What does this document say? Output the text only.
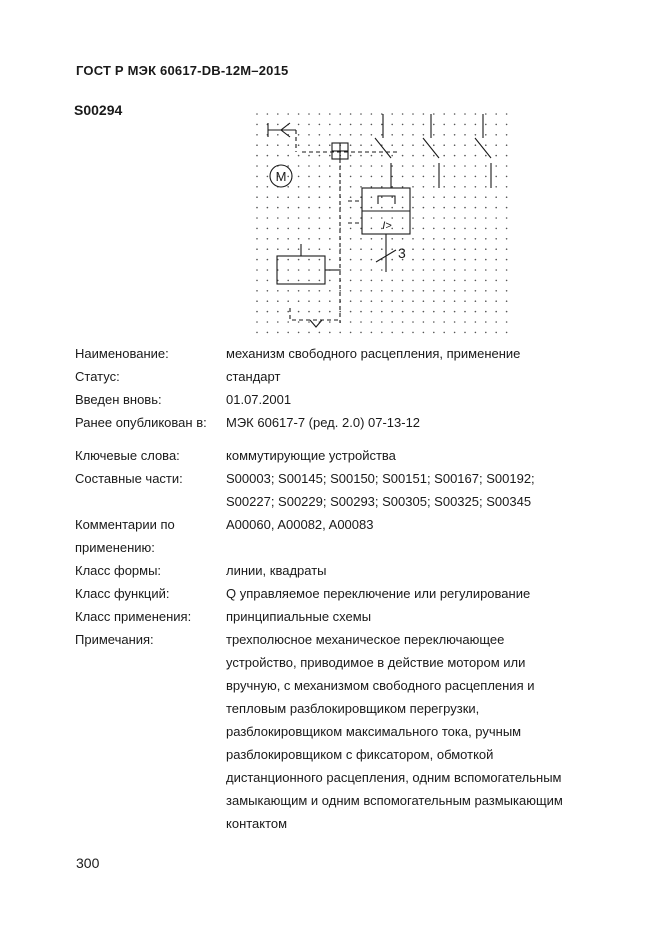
ГОСТ Р МЭК 60617-DB-12M–2015
S00294
M
I>
3
Наименование:	механизм свободного расцепления, применение
Статус:	стандарт
Введен вновь:	01.07.2001
Ранее опубликован в:	МЭК 60617-7 (ред. 2.0) 07-13-12
Ключевые слова:	коммутирующие устройства
Составные части:	S00003; S00145; S00150; S00151; S00167; S00192;
S00227; S00229; S00293; S00305; S00325; S00345
Комментарии по	A00060, A00082, A00083
применению:
Класс формы:	линии, квадраты
Класс функций:	Q управляемое переключение или регулирование
Класс применения:	принципиальные схемы
Примечания:	трехполюсное механическое переключающее
устройство, приводимое в действие мотором или
вручную, с механизмом свободного расцепления и
тепловым разблокировщиком перегрузки,
разблокировщиком максимального тока, ручным
разблокировщиком с фиксатором, обмоткой
дистанционного расцепления, одним вспомогательным
замыкающим и одним вспомогательным размыкающим
контактом
300
